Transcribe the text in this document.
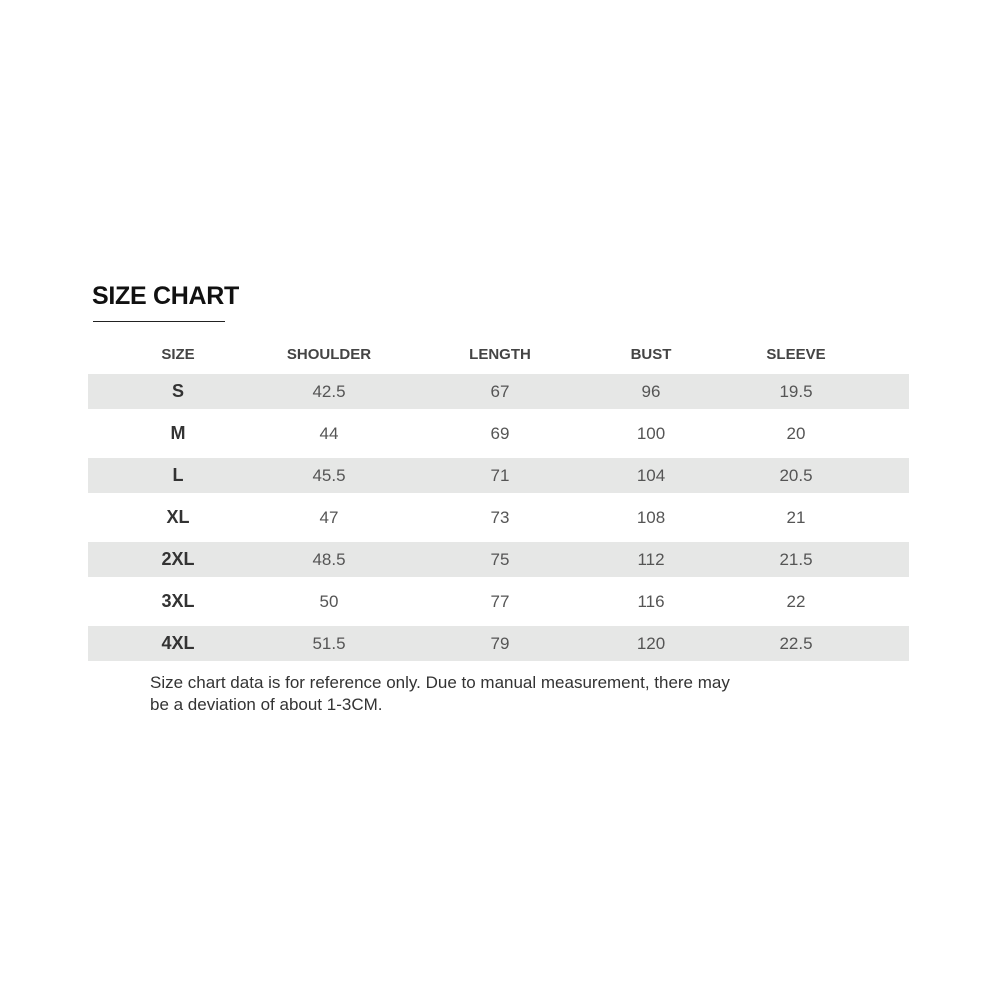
SIZE CHART
SIZE	SHOULDER	LENGTH	BUST	SLEEVE
S	42.5	67	96	19.5
M	44	69	100	20
L	45.5	71	104	20.5
XL	47	73	108	21
2XL	48.5	75	112	21.5
3XL	50	77	116	22
4XL	51.5	79	120	22.5
Size chart data is for reference only. Due to manual measurement, there may
be a deviation of about 1-3CM.
